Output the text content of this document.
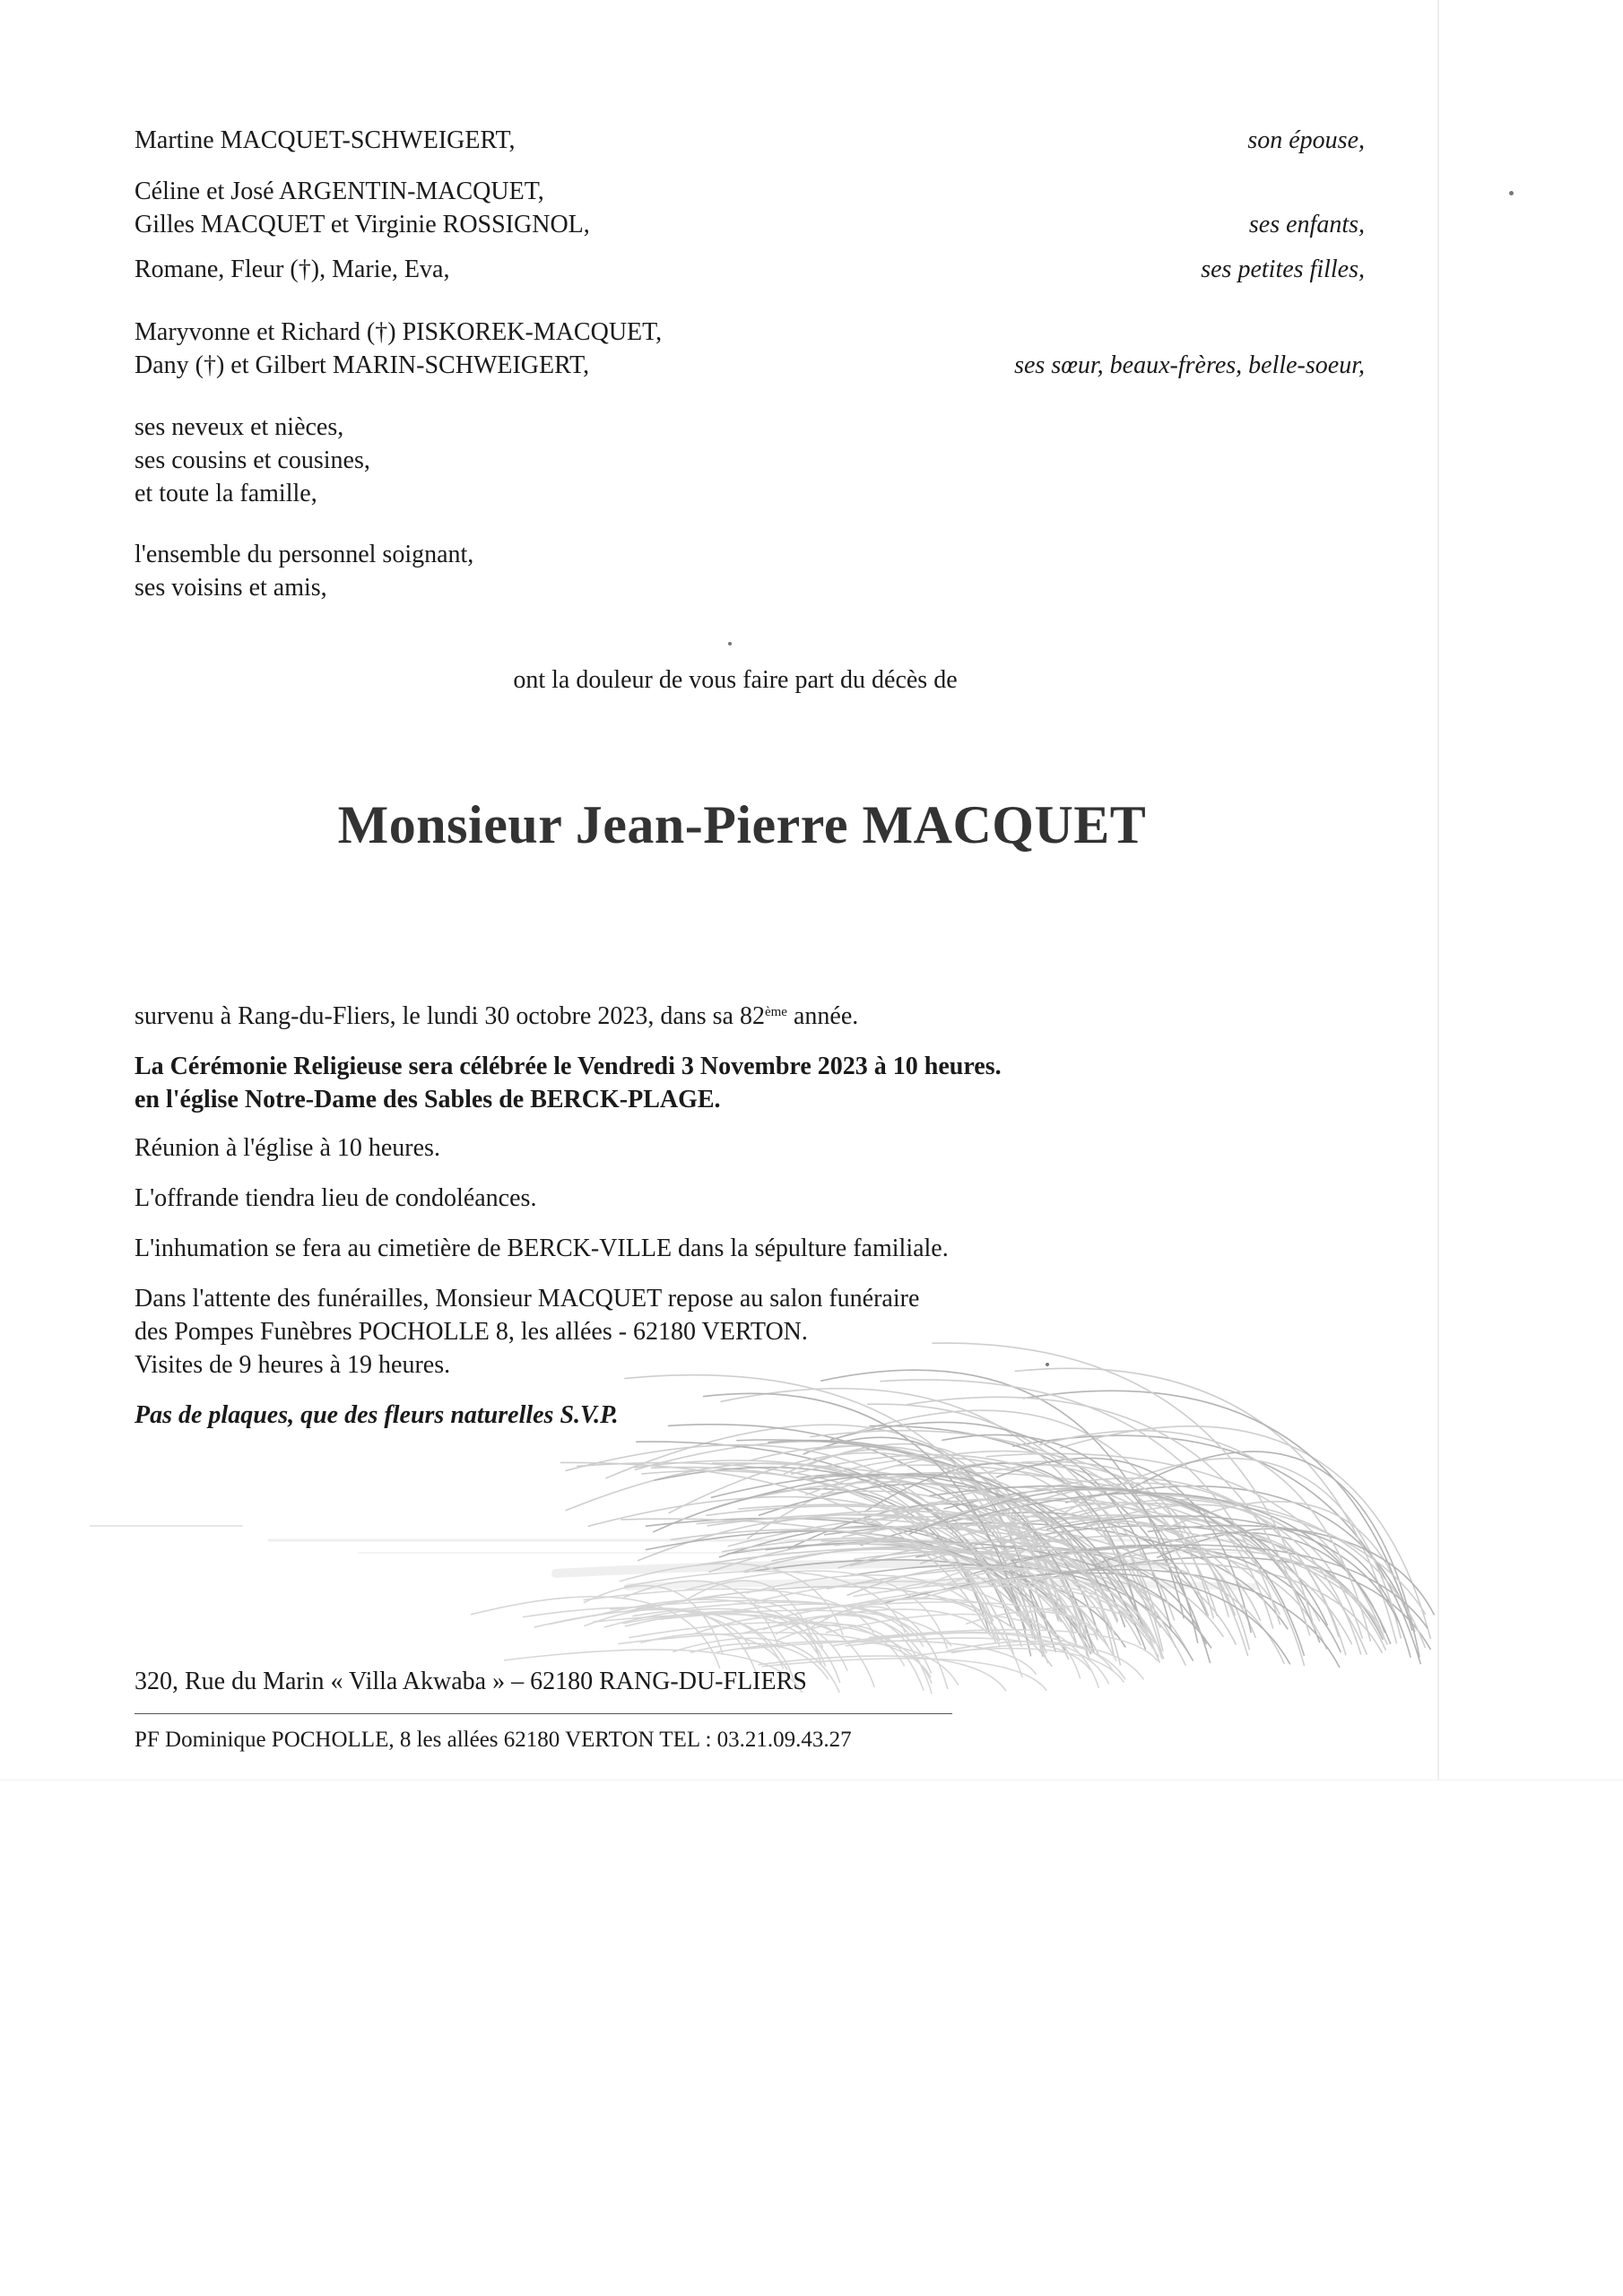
Martine MACQUET-SCHWEIGERT,	son épouse,
Céline et José ARGENTIN-MACQUET,
Gilles MACQUET et Virginie ROSSIGNOL,	ses enfants,
Romane, Fleur (†), Marie, Eva,	ses petites filles,
Maryvonne et Richard (†) PISKOREK-MACQUET,
Dany (†) et Gilbert MARIN-SCHWEIGERT,	ses sœur, beaux-frères, belle-soeur,
ses neveux et nièces,
ses cousins et cousines,
et toute la famille,
l'ensemble du personnel soignant,
ses voisins et amis,
ont la douleur de vous faire part du décès de
Monsieur Jean-Pierre MACQUET
survenu à Rang-du-Fliers, le lundi 30 octobre 2023, dans sa 82ème année.
La Cérémonie Religieuse sera célébrée le Vendredi 3 Novembre 2023 à 10 heures.
en l'église Notre-Dame des Sables de BERCK-PLAGE.
Réunion à l'église à 10 heures.
L'offrande tiendra lieu de condoléances.
L'inhumation se fera au cimetière de BERCK-VILLE dans la sépulture familiale.
Dans l'attente des funérailles, Monsieur MACQUET repose au salon funéraire
des Pompes Funèbres POCHOLLE 8, les allées - 62180 VERTON.
Visites de 9 heures à 19 heures.
Pas de plaques, que des fleurs naturelles S.V.P.
320, Rue du Marin « Villa Akwaba » – 62180 RANG-DU-FLIERS
PF Dominique POCHOLLE, 8 les allées 62180 VERTON TEL : 03.21.09.43.27
